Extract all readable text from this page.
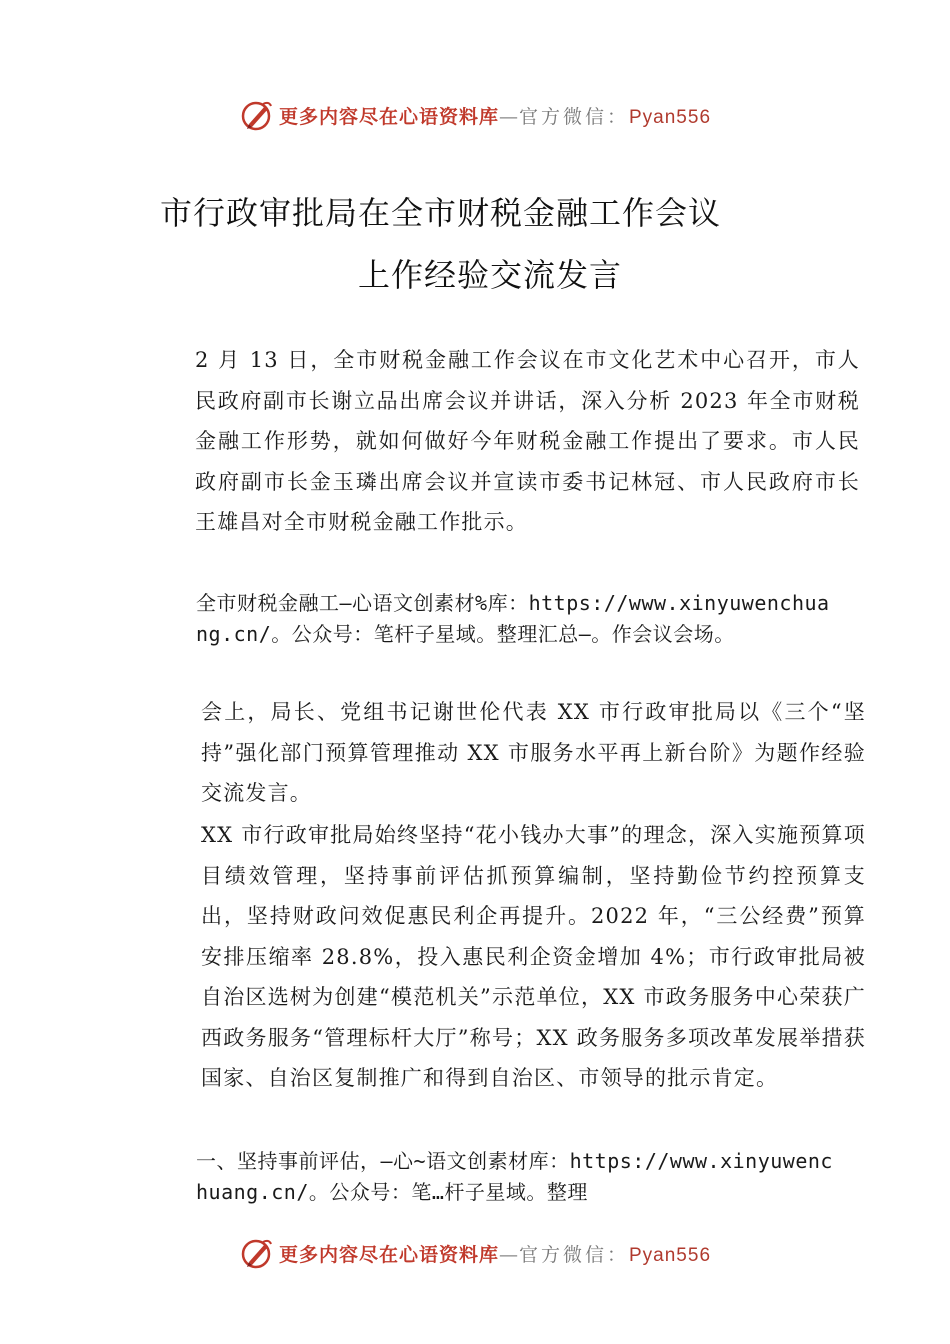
更多内容尽在心语资料库—官方微信：Pyan556
市行政审批局在全市财税金融工作会议
上作经验交流发言

2 月 13 日，全市财税金融工作会议在市文化艺术中心召开，市人民政府副市长谢立品出席会议并讲话，深入分析 2023 年全市财税金融工作形势，就如何做好今年财税金融工作提出了要求。市人民政府副市长金玉璘出席会议并宣读市委书记林冠、市人民政府市长王雄昌对全市财税金融工作批示。

全市财税金融工—心语文创素材%库：https://www.xinyuwenchuang.cn/。公众号：笔杆子星域。整理汇总—。作会议会场。

会上，局长、党组书记谢世伦代表 XX 市行政审批局以《三个“坚持”强化部门预算管理推动 XX 市服务水平再上新台阶》为题作经验交流发言。

XX 市行政审批局始终坚持“花小钱办大事”的理念，深入实施预算项目绩效管理，坚持事前评估抓预算编制，坚持勤俭节约控预算支出，坚持财政问效促惠民利企再提升。2022 年，“三公经费”预算安排压缩率 28.8%，投入惠民利企资金增加 4%；市行政审批局被自治区选树为创建“模范机关”示范单位，XX 市政务服务中心荣获广西政务服务“管理标杆大厅”称号；XX 政务服务多项改革发展举措获国家、自治区复制推广和得到自治区、市领导的批示肯定。

一、坚持事前评估，—心~语文创素材库：https://www.xinyuwenchuang.cn/。公众号：笔…杆子星域。整理

更多内容尽在心语资料库—官方微信：Pyan556
